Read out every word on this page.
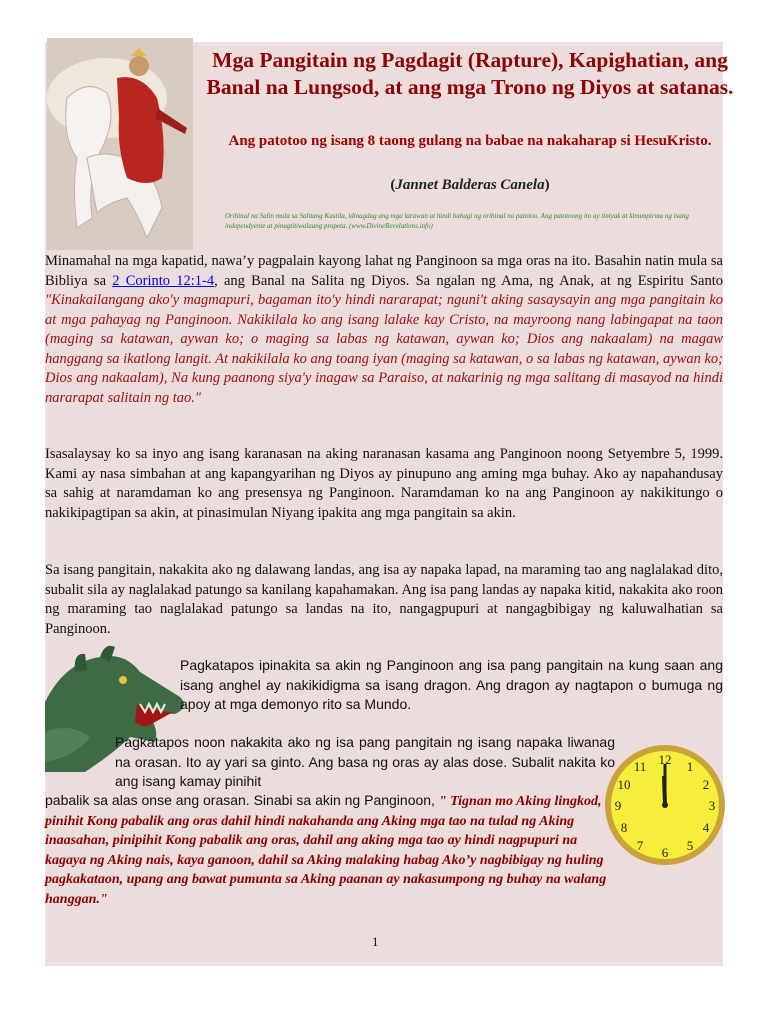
Mga Pangitain ng Pagdagit (Rapture), Kapighatian, ang Banal na Lungsod, at ang mga Trono ng Diyos at satanas.
Ang patotoo ng isang 8 taong gulang na babae na nakaharap si HesuKristo.
(Jannet Balderas Canela)
Orihinal na Salin mula sa Salitang Kastila, idinagdag ang mga larawan at hindi bahagi ng orihinal na patotoo. Ang patotoong ito ay tiniyak at kinumpirma ng isang independyente at pinagtitiwalaang propeta. (www.DivineRevelations.info)
Minamahal na mga kapatid, nawa’y pagpalain kayong lahat ng Panginoon sa mga oras na ito. Basahin natin mula sa Bibliya sa 2 Corinto 12:1-4, ang Banal na Salita ng Diyos. Sa ngalan ng Ama, ng Anak, at ng Espiritu Santo "Kinakailangang ako'y magmapuri, bagaman ito'y hindi nararapat; nguni't aking sasaysayin ang mga pangitain ko at mga pahayag ng Panginoon. Nakikilala ko ang isang lalake kay Cristo, na mayroong nang labingapat na taon (maging sa katawan, aywan ko; o maging sa labas ng katawan, aywan ko; Dios ang nakaalam) na magaw hanggang sa ikatlong langit. At nakikilala ko ang toang iyan (maging sa katawan, o sa labas ng katawan, aywan ko; Dios ang nakaalam), Na kung paanong siya'y inagaw sa Paraiso, at nakarinig ng mga salitang di masayod na hindi nararapat salitain ng tao."
Isasalaysay ko sa inyo ang isang karanasan na aking naranasan kasama ang Panginoon noong Setyembre 5, 1999. Kami ay nasa simbahan at ang kapangyarihan ng Diyos ay pinupuno ang aming mga buhay. Ako ay napahandusay sa sahig at naramdaman ko ang presensya ng Panginoon. Naramdaman ko na ang Panginoon ay nakikitungo o nakikipagtipan sa akin, at pinasimulan Niyang ipakita ang mga pangitain sa akin.
Sa isang pangitain, nakakita ako ng dalawang landas, ang isa ay napaka lapad, na maraming tao ang naglalakad dito, subalit sila ay naglalakad patungo sa kanilang kapahamakan. Ang isa pang landas ay napaka kitid, nakakita ako roon ng maraming tao naglalakad patungo sa landas na ito, nangagpupuri at nangagbibigay ng kaluwalhatian sa Panginoon.
Pagkatapos ipinakita sa akin ng Panginoon ang isa pang pangitain na kung saan ang isang anghel ay nakikidigma sa isang dragon. Ang dragon ay nagtapon o bumuga ng apoy at mga demonyo rito sa Mundo.
Pagkatapos noon nakakita ako ng isa pang pangitain ng isang napaka liwanag na orasan. Ito ay yari sa ginto. Ang basa ng oras ay alas dose. Subalit nakita ko ang isang kamay pinihit
pabalik sa alas onse ang orasan. Sinabi sa akin ng Panginoon, " Tignan mo Aking lingkod, pinihit Kong pabalik ang oras dahil hindi nakahanda ang Aking mga tao na tulad ng Aking inaasahan, pinipihit Kong pabalik ang oras, dahil ang aking mga tao ay hindi nagpupuri na kagaya ng Aking nais, kaya ganoon, dahil sa Aking malaking habag Ako’y nagbibigay ng huling pagkakataon, upang ang bawat pumunta sa Aking paanan ay nakasumpong ng buhay na walang hanggan."
12 1
2
3
4
5
6
7
8
9
10
11
1
